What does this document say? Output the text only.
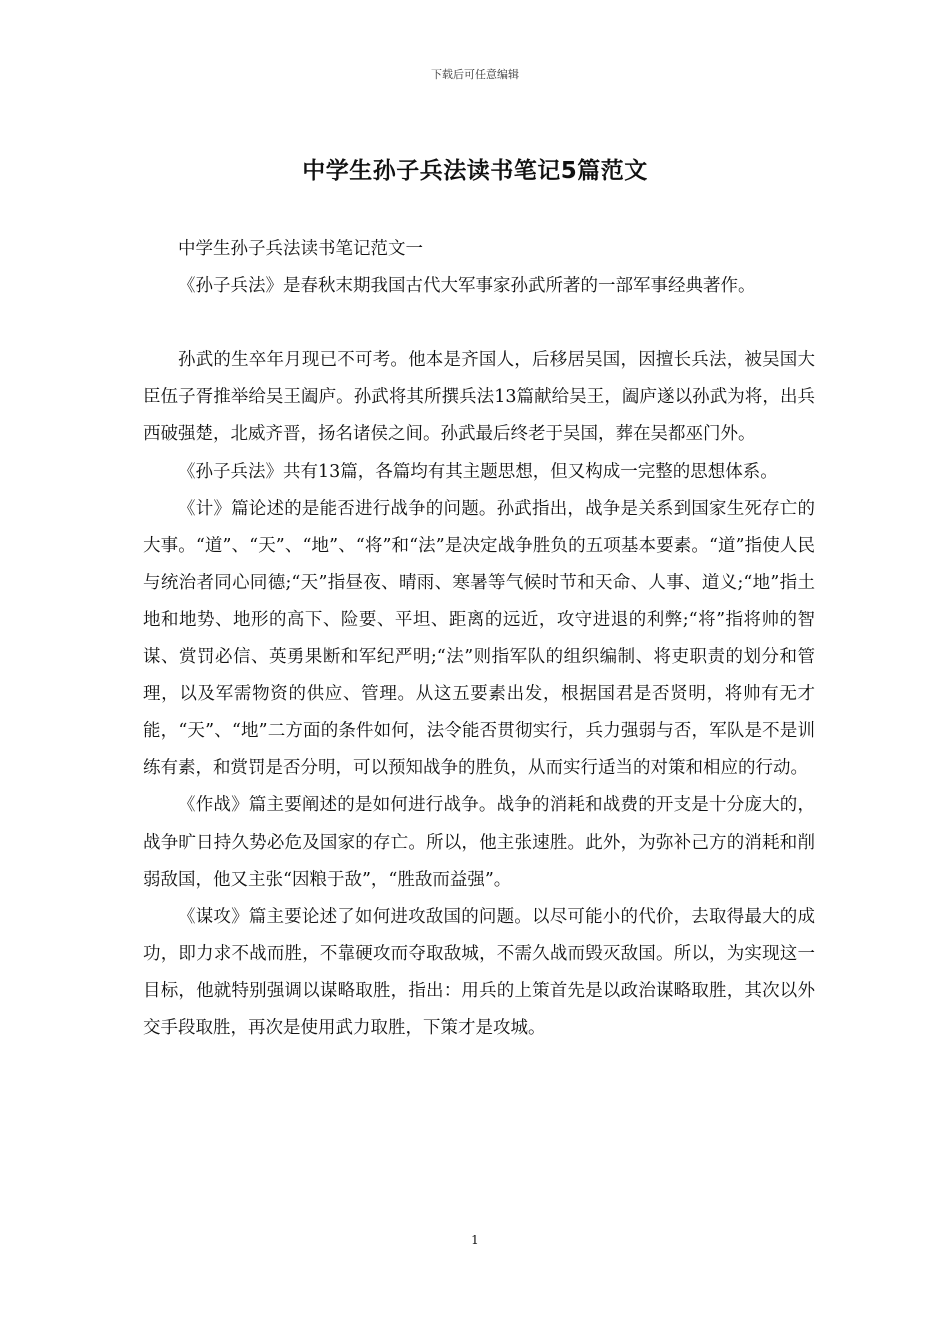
下载后可任意编辑
中学生孙子兵法读书笔记5篇范文

中学生孙子兵法读书笔记范文一

《孙子兵法》是春秋末期我国古代大军事家孙武所著的一部军事经典著作。

孙武的生卒年月现已不可考。他本是齐国人，后移居吴国，因擅长兵法，被吴国大臣伍子胥推举给吴王阖庐。孙武将其所撰兵法13篇献给吴王，阖庐遂以孙武为将，出兵西破强楚，北威齐晋，扬名诸侯之间。孙武最后终老于吴国，葬在吴都巫门外。

《孙子兵法》共有13篇，各篇均有其主题思想，但又构成一完整的思想体系。

《计》篇论述的是能否进行战争的问题。孙武指出，战争是关系到国家生死存亡的大事。“道”、“天”、“地”、“将”和“法”是决定战争胜负的五项基本要素。“道”指使人民与统治者同心同德;“天”指昼夜、晴雨、寒暑等气候时节和天命、人事、道义;“地”指土地和地势、地形的高下、险要、平坦、距离的远近，攻守进退的利弊;“将”指将帅的智谋、赏罚必信、英勇果断和军纪严明;“法”则指军队的组织编制、将吏职责的划分和管理，以及军需物资的供应、管理。从这五要素出发，根据国君是否贤明，将帅有无才能，“天”、“地”二方面的条件如何，法令能否贯彻实行，兵力强弱与否，军队是不是训练有素，和赏罚是否分明，可以预知战争的胜负，从而实行适当的对策和相应的行动。

《作战》篇主要阐述的是如何进行战争。战争的消耗和战费的开支是十分庞大的，战争旷日持久势必危及国家的存亡。所以，他主张速胜。此外，为弥补己方的消耗和削弱敌国，他又主张“因粮于敌”，“胜敌而益强”。

《谋攻》篇主要论述了如何进攻敌国的问题。以尽可能小的代价，去取得最大的成功，即力求不战而胜，不靠硬攻而夺取敌城，不需久战而毁灭敌国。所以，为实现这一目标，他就特别强调以谋略取胜，指出：用兵的上策首先是以政治谋略取胜，其次以外交手段取胜，再次是使用武力取胜，下策才是攻城。

1
